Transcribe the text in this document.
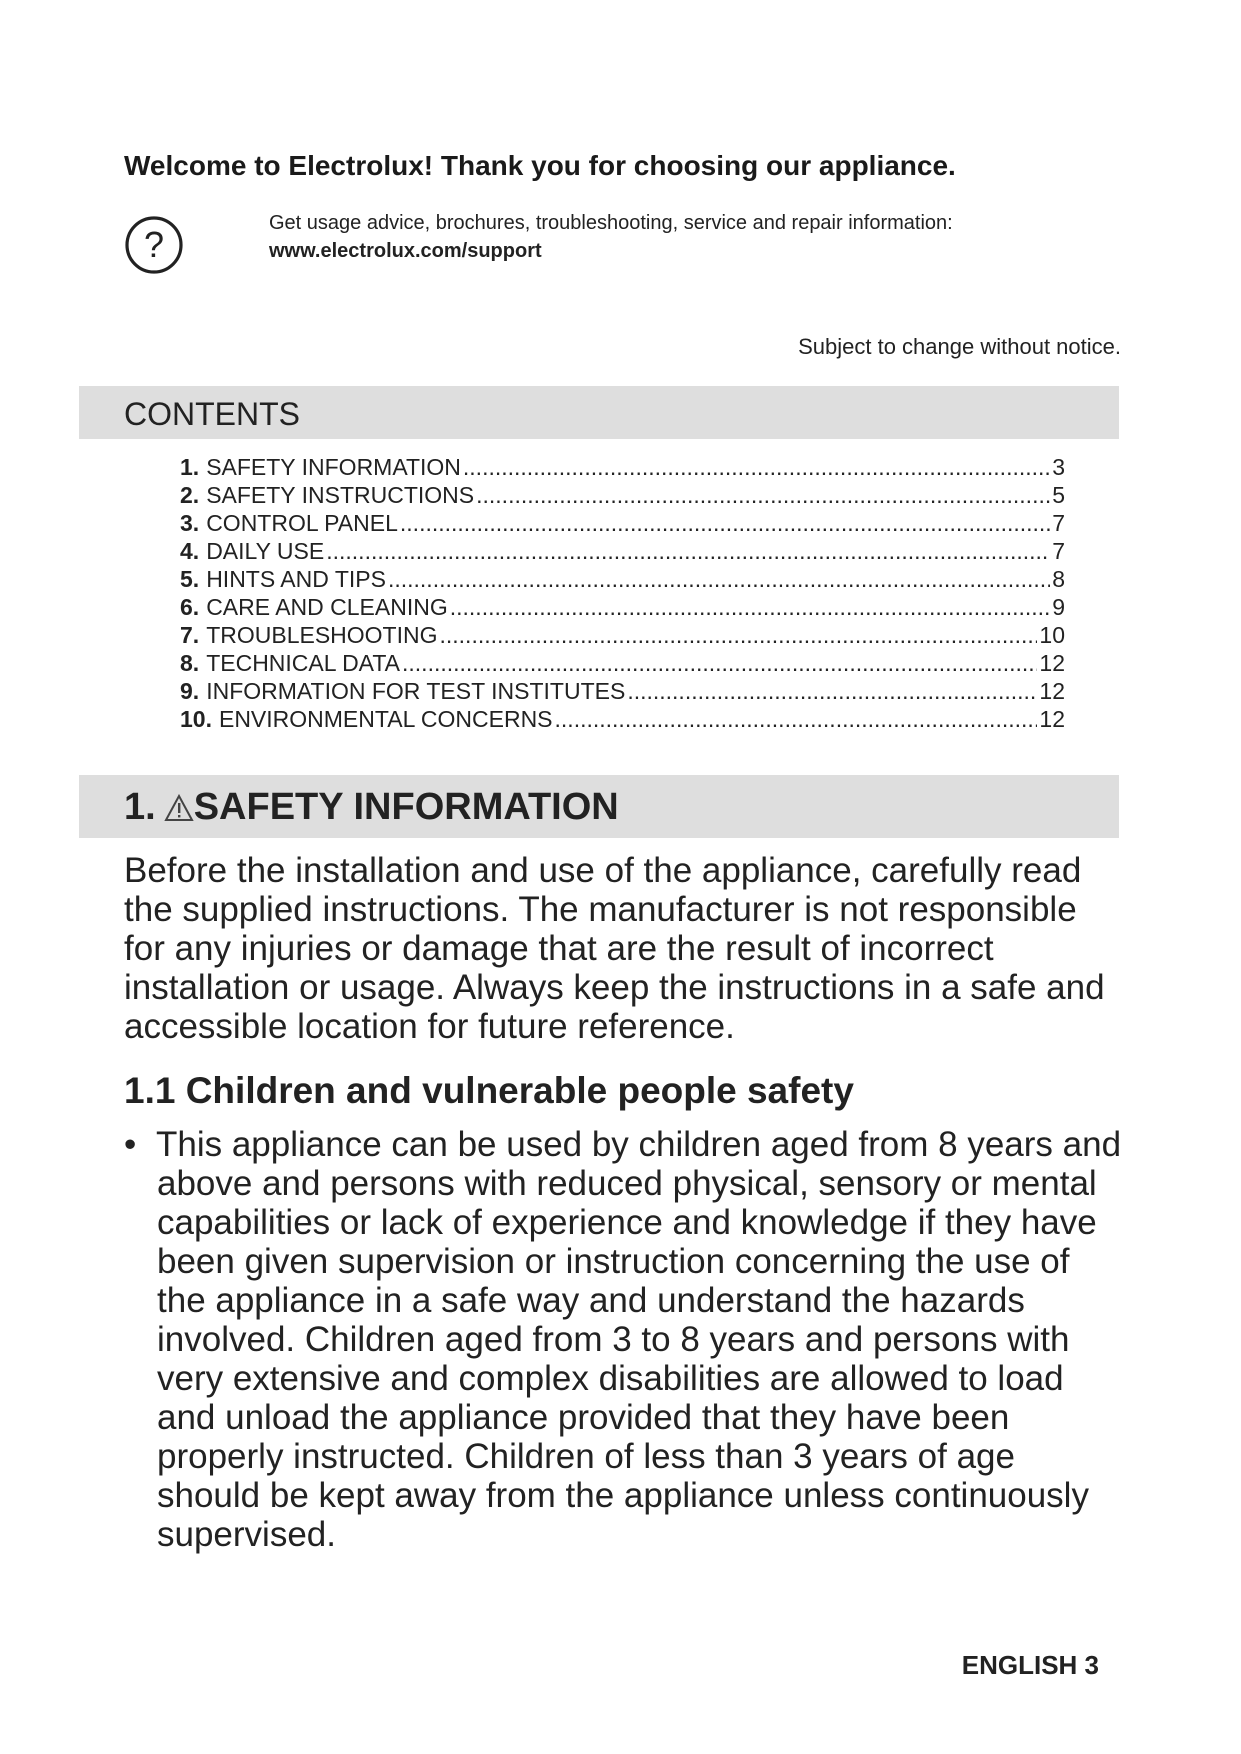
Welcome to Electrolux! Thank you for choosing our appliance.
?
Get usage advice, brochures, troubleshooting, service and repair information:
www.electrolux.com/support
Subject to change without notice.
CONTENTS
1. SAFETY INFORMATION .....	3
2. SAFETY INSTRUCTIONS .....	5
3. CONTROL PANEL .....	7
4. DAILY USE .....	7
5. HINTS AND TIPS .....	8
6. CARE AND CLEANING .....	9
7. TROUBLESHOOTING .....	10
8. TECHNICAL DATA .....	12
9. INFORMATION FOR TEST INSTITUTES .....	12
10. ENVIRONMENTAL CONCERNS .....	12
1. SAFETY INFORMATION

Before the installation and use of the appliance, carefully read the supplied instructions. The manufacturer is not responsible for any injuries or damage that are the result of incorrect installation or usage. Always keep the instructions in a safe and accessible location for future reference.

1.1 Children and vulnerable people safety
• This appliance can be used by children aged from 8 years and above and persons with reduced physical, sensory or mental capabilities or lack of experience and knowledge if they have been given supervision or instruction concerning the use of the appliance in a safe way and understand the hazards involved. Children aged from 3 to 8 years and persons with very extensive and complex disabilities are allowed to load and unload the appliance provided that they have been properly instructed. Children of less than 3 years of age should be kept away from the appliance unless continuously supervised.

ENGLISH 3
